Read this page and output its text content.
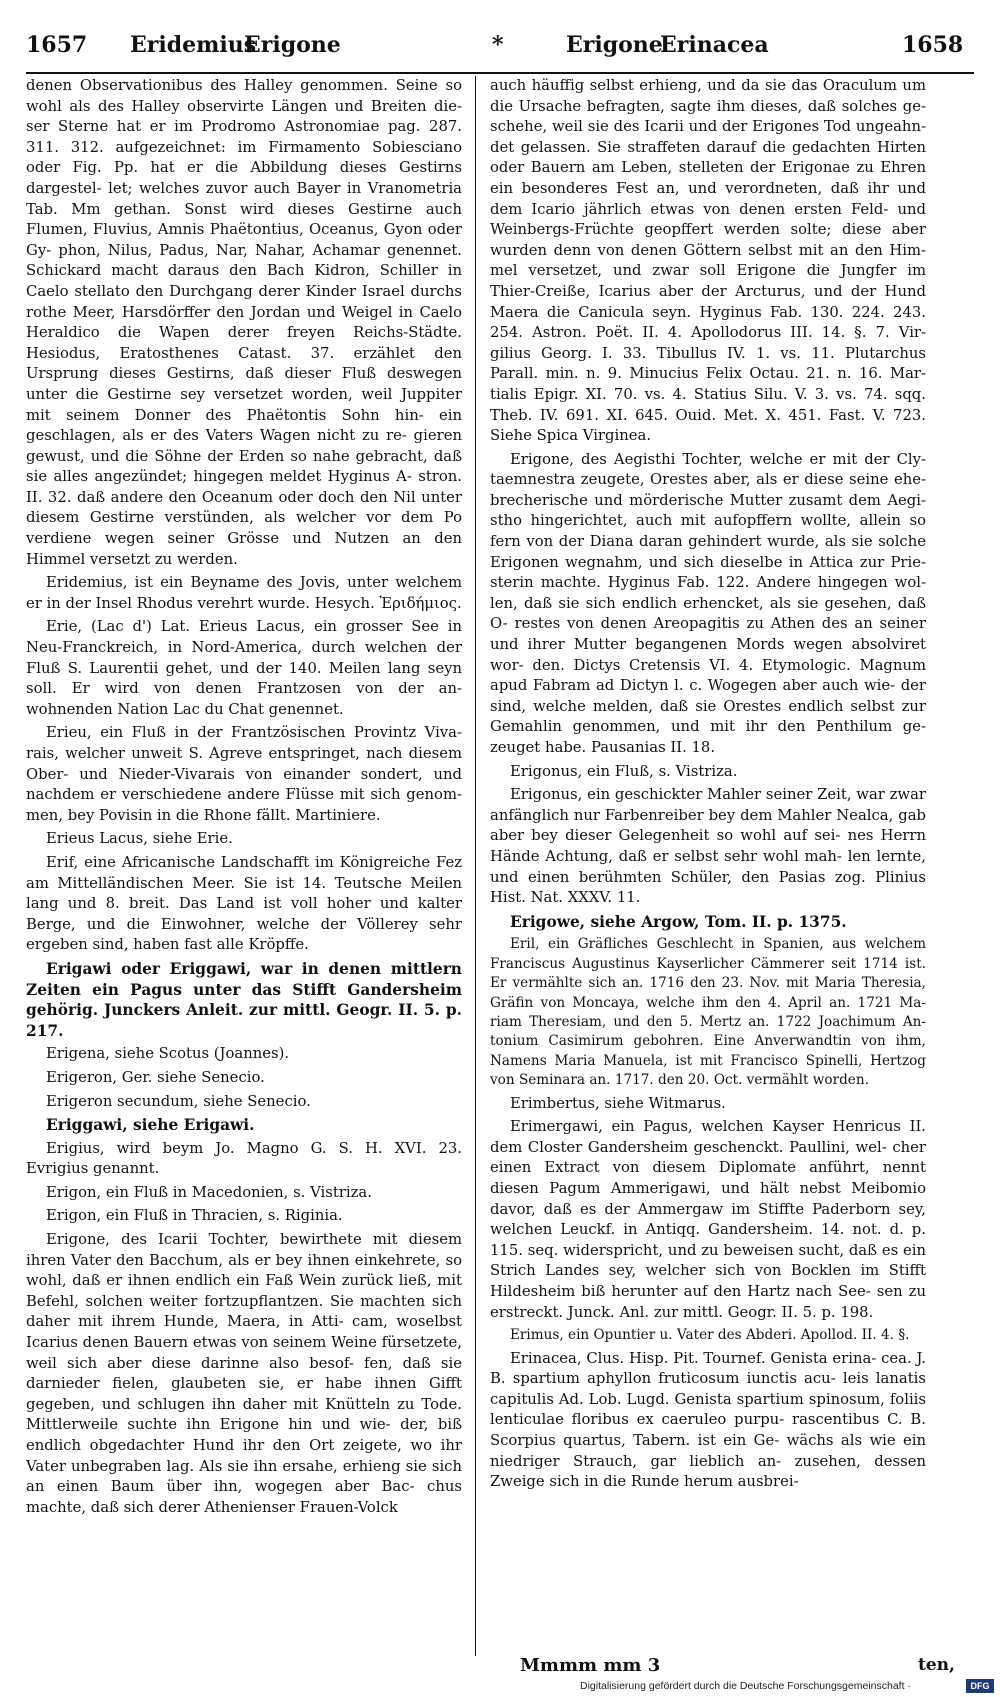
1657 Eridemius
Erigone	*	Erigone
Erinacea	1658

denen Observationibus des Halley genommen. Seine so wohl als des Halley observirte Längen und Breiten die- ser Sterne hat er im Prodromo Astronomiae pag. 287. 311. 312. aufgezeichnet: im Firmamento Sobiesciano oder Fig. Pp. hat er die Abbildung dieses Gestirns dargestel- let; welches zuvor auch Bayer in Vranometria Tab. Mm gethan. Sonst wird dieses Gestirne auch Flumen, Fluvius, Amnis Phaëtontius, Oceanus, Gyon oder Gy- phon, Nilus, Padus, Nar, Nahar, Achamar genennet. Schickard macht daraus den Bach Kidron, Schiller in Caelo stellato den Durchgang derer Kinder Israel durchs rothe Meer, Harsdörffer den Jordan und Weigel in Caelo Heraldico die Wapen derer freyen Reichs-Städte. Hesiodus, Eratosthenes Catast. 37. erzählet den Ursprung dieses Gestirns, daß dieser Fluß deswegen unter die Gestirne sey versetzet worden, weil Juppiter mit seinem Donner des Phaëtontis Sohn hin- ein geschlagen, als er des Vaters Wagen nicht zu re- gieren gewust, und die Söhne der Erden so nahe gebracht, daß sie alles angezündet; hingegen meldet Hyginus A- stron. II. 32. daß andere den Oceanum oder doch den Nil unter diesem Gestirne verstünden, als welcher vor dem Po verdiene wegen seiner Grösse und Nutzen an den Himmel versetzt zu werden.

Eridemius, ist ein Beyname des Jovis, unter welchem er in der Insel Rhodus verehrt wurde. Hesych. Ἐριδήμιος.

Erie, (Lac d') Lat. Erieus Lacus, ein grosser See in Neu-Franckreich, in Nord-America, durch welchen der Fluß S. Laurentii gehet, und der 140. Meilen lang seyn soll. Er wird von denen Frantzosen von der an- wohnenden Nation Lac du Chat genennet.

Erieu, ein Fluß in der Frantzösischen Provintz Viva- rais, welcher unweit S. Agreve entspringet, nach diesem Ober- und Nieder-Vivarais von einander sondert, und nachdem er verschiedene andere Flüsse mit sich genom- men, bey Povisin in die Rhone fällt. Martiniere.

Erieus Lacus, siehe Erie.

Erif, eine Africanische Landschafft im Königreiche Fez am Mittelländischen Meer. Sie ist 14. Teutsche Meilen lang und 8. breit. Das Land ist voll hoher und kalter Berge, und die Einwohner, welche der Völlerey sehr ergeben sind, haben fast alle Kröpffe.

Erigawi oder Eriggawi, war in denen mittlern Zeiten ein Pagus unter das Stifft Gandersheim gehörig. Junckers Anleit. zur mittl. Geogr. II. 5. p. 217.

Erigena, siehe Scotus (Joannes).

Erigeron, Ger. siehe Senecio.

Erigeron secundum, siehe Senecio.

Eriggawi, siehe Erigawi.

Erigius, wird beym Jo. Magno G. S. H. XVI. 23. Evrigius genannt.

Erigon, ein Fluß in Macedonien, s. Vistriza.

Erigon, ein Fluß in Thracien, s. Riginia.

Erigone, des Icarii Tochter, bewirthete mit diesem ihren Vater den Bacchum, als er bey ihnen einkehrete, so wohl, daß er ihnen endlich ein Faß Wein zurück ließ, mit Befehl, solchen weiter fortzupflantzen. Sie machten sich daher mit ihrem Hunde, Maera, in Atti- cam, woselbst Icarius denen Bauern etwas von seinem Weine fürsetzete, weil sich aber diese darinne also besof- fen, daß sie darnieder fielen, glaubeten sie, er habe ihnen Gifft gegeben, und schlugen ihn daher mit Knütteln zu Tode. Mittlerweile suchte ihn Erigone hin und wie- der, biß endlich obgedachter Hund ihr den Ort zeigete, wo ihr Vater unbegraben lag. Als sie ihn ersahe, erhieng sie sich an einen Baum über ihn, wogegen aber Bac- chus machte, daß sich derer Athenienser Frauen-Volck

auch häuffig selbst erhieng, und da sie das Oraculum um die Ursache befragten, sagte ihm dieses, daß solches ge- schehe, weil sie des Icarii und der Erigones Tod ungeahn- det gelassen. Sie straffeten darauf die gedachten Hirten oder Bauern am Leben, stelleten der Erigonae zu Ehren ein besonderes Fest an, und verordneten, daß ihr und dem Icario jährlich etwas von denen ersten Feld- und Weinbergs-Früchte geopffert werden solte; diese aber wurden denn von denen Göttern selbst mit an den Him- mel versetzet, und zwar soll Erigone die Jungfer im Thier-Creiße, Icarius aber der Arcturus, und der Hund Maera die Canicula seyn. Hyginus Fab. 130. 224. 243. 254. Astron. Poët. II. 4. Apollodorus III. 14. §. 7. Vir- gilius Georg. I. 33. Tibullus IV. 1. vs. 11. Plutarchus Parall. min. n. 9. Minucius Felix Octau. 21. n. 16. Mar- tialis Epigr. XI. 70. vs. 4. Statius Silu. V. 3. vs. 74. sqq. Theb. IV. 691. XI. 645. Ouid. Met. X. 451. Fast. V. 723. Siehe Spica Virginea.

Erigone, des Aegisthi Tochter, welche er mit der Cly- taemnestra zeugete, Orestes aber, als er diese seine ehe- brecherische und mörderische Mutter zusamt dem Aegi- stho hingerichtet, auch mit aufopffern wollte, allein so fern von der Diana daran gehindert wurde, als sie solche Erigonen wegnahm, und sich dieselbe in Attica zur Prie- sterin machte. Hyginus Fab. 122. Andere hingegen wol- len, daß sie sich endlich erhencket, als sie gesehen, daß O- restes von denen Areopagitis zu Athen des an seiner und ihrer Mutter begangenen Mords wegen absolviret wor- den. Dictys Cretensis VI. 4. Etymologic. Magnum apud Fabram ad Dictyn l. c. Wogegen aber auch wie- der sind, welche melden, daß sie Orestes endlich selbst zur Gemahlin genommen, und mit ihr den Penthilum ge- zeuget habe. Pausanias II. 18.

Erigonus, ein Fluß, s. Vistriza.

Erigonus, ein geschickter Mahler seiner Zeit, war zwar anfänglich nur Farbenreiber bey dem Mahler Nealca, gab aber bey dieser Gelegenheit so wohl auf sei- nes Herrn Hände Achtung, daß er selbst sehr wohl mah- len lernte, und einen berühmten Schüler, den Pasias zog. Plinius Hist. Nat. XXXV. 11.

Erigowe, siehe Argow, Tom. II. p. 1375.

Eril, ein Gräfliches Geschlecht in Spanien, aus welchem Franciscus Augustinus Kayserlicher Cämmerer seit 1714 ist. Er vermählte sich an. 1716 den 23. Nov. mit Maria Theresia, Gräfin von Moncaya, welche ihm den 4. April an. 1721 Ma- riam Theresiam, und den 5. Mertz an. 1722 Joachimum An- tonium Casimirum gebohren. Eine Anverwandtin von ihm, Namens Maria Manuela, ist mit Francisco Spinelli, Hertzog von Seminara an. 1717. den 20. Oct. vermählt worden.

Erimbertus, siehe Witmarus.

Erimergawi, ein Pagus, welchen Kayser Henricus II. dem Closter Gandersheim geschenckt. Paullini, wel- cher einen Extract von diesem Diplomate anführt, nennt diesen Pagum Ammerigawi, und hält nebst Meibomio davor, daß es der Ammergaw im Stiffte Paderborn sey, welchen Leuckf. in Antiqq. Gandersheim. 14. not. d. p. 115. seq. widerspricht, und zu beweisen sucht, daß es ein Strich Landes sey, welcher sich von Bocklen im Stifft Hildesheim biß herunter auf den Hartz nach See- sen zu erstreckt. Junck. Anl. zur mittl. Geogr. II. 5. p. 198.

Erimus, ein Opuntier u. Vater des Abderi. Apollod. II. 4. §.

Erinacea, Clus. Hisp. Pit. Tournef. Genista erina- cea. J. B. spartium aphyllon fruticosum iunctis acu- leis lanatis capitulis Ad. Lob. Lugd. Genista spartium spinosum, foliis lenticulae floribus ex caeruleo purpu- rascentibus C. B. Scorpius quartus, Tabern. ist ein Ge- wächs als wie ein niedriger Strauch, gar lieblich an- zusehen, dessen Zweige sich in die Runde herum ausbrei-

Mmmm mm 3	ten,
Digitalisierung gefördert durch die Deutsche Forschungsgemeinschaft ·	DFG
